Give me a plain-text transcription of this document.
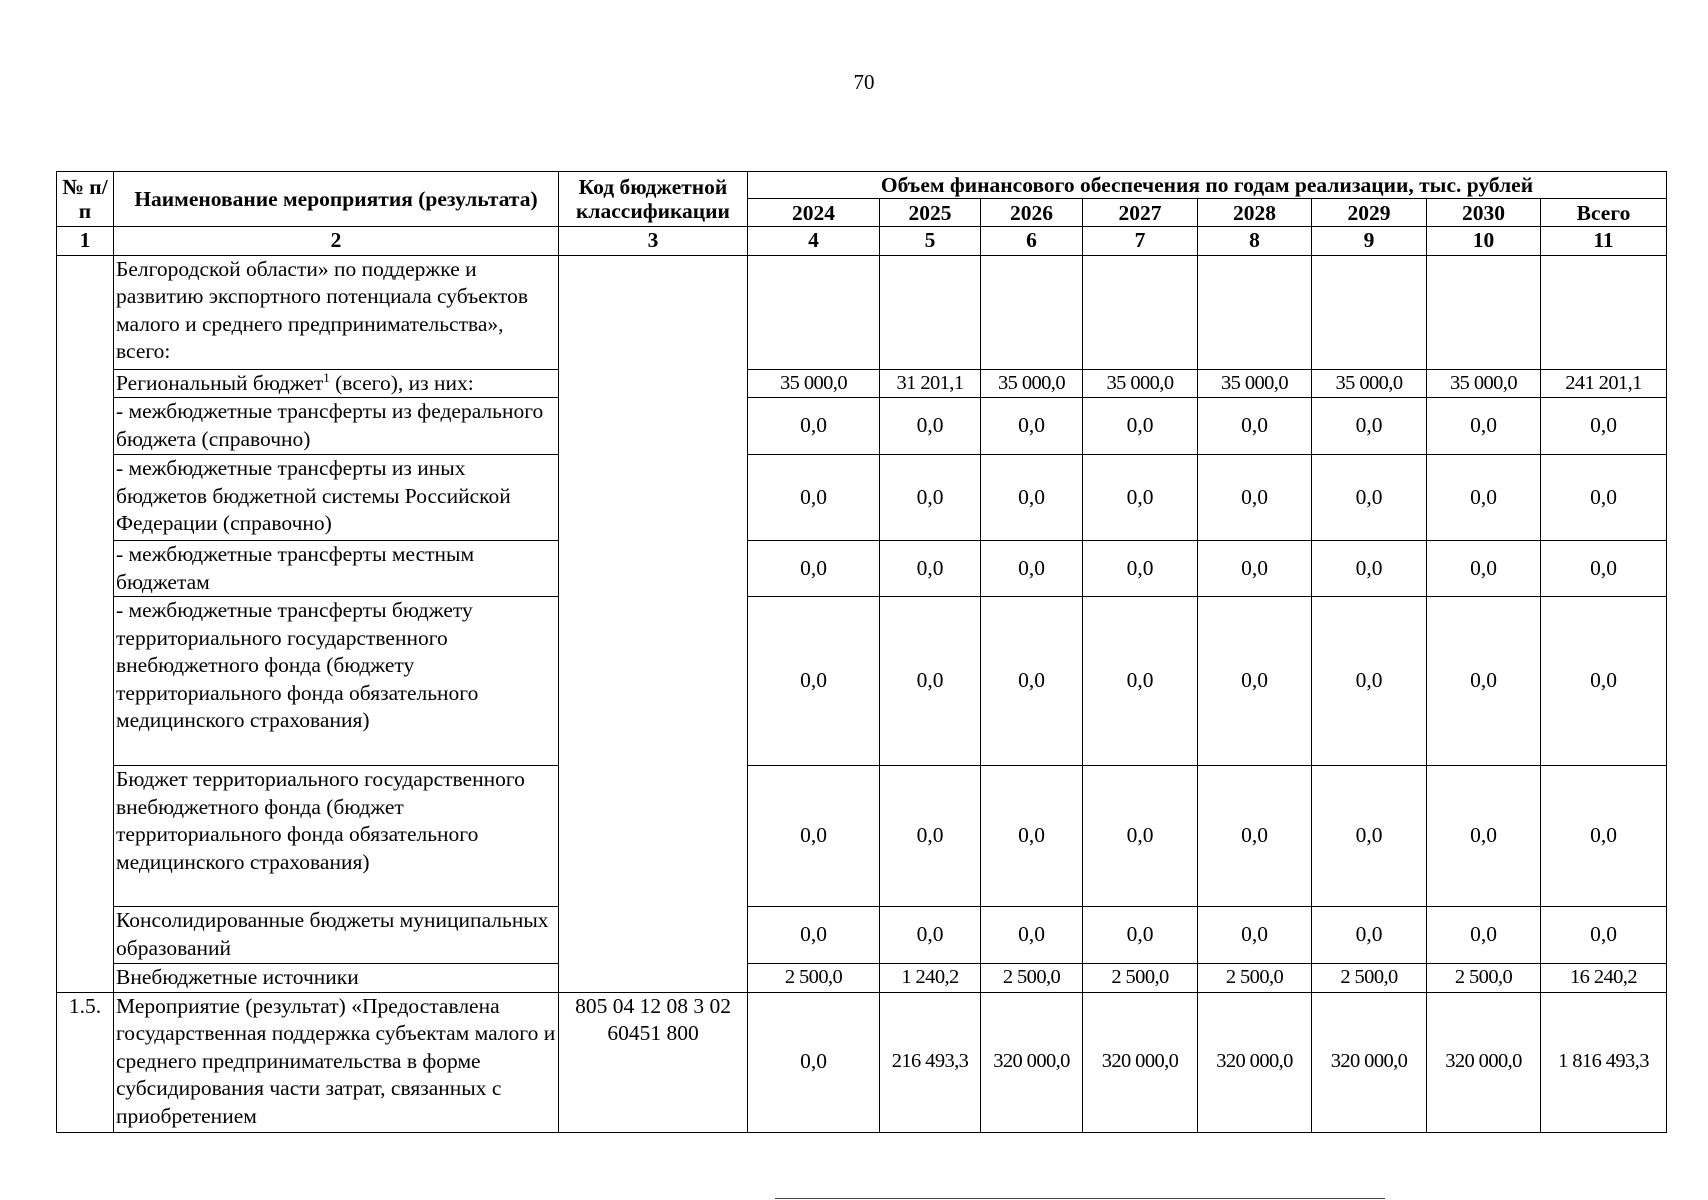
70
№ п/п	Наименование мероприятия (результата)	Код бюджетной классификации	Объем финансового обеспечения по годам реализации, тыс. рублей							
			2024	2025	2026	2027	2028	2029	2030	Всего
1	2	3	4	5	6	7	8	9	10	11
	Белгородской области» по поддержке и развитию экспортного потенциала субъектов малого и среднего предпринимательства», всего:									
	Региональный бюджет$^1$ (всего), из них:		35 000,0	31 201,1	35 000,0	35 000,0	35 000,0	35 000,0	35 000,0	241 201,1
	- межбюджетные трансферты из федерального бюджета (справочно)		0,0	0,0	0,0	0,0	0,0	0,0	0,0	0,0
	- межбюджетные трансферты из иных бюджетов бюджетной системы Российской Федерации (справочно)		0,0	0,0	0,0	0,0	0,0	0,0	0,0	0,0
	- межбюджетные трансферты местным бюджетам		0,0	0,0	0,0	0,0	0,0	0,0	0,0	0,0
	- межбюджетные трансферты бюджету территориального государственного внебюджетного фонда (бюджету территориального фонда обязательного медицинского страхования)		0,0	0,0	0,0	0,0	0,0	0,0	0,0	0,0
	Бюджет территориального государственного внебюджетного фонда (бюджет территориального фонда обязательного медицинского страхования)		0,0	0,0	0,0	0,0	0,0	0,0	0,0	0,0
	Консолидированные бюджеты муниципальных образований		0,0	0,0	0,0	0,0	0,0	0,0	0,0	0,0
	Внебюджетные источники		2 500,0	1 240,2	2 500,0	2 500,0	2 500,0	2 500,0	2 500,0	16 240,2
1.5.	Мероприятие (результат) «Предоставлена государственная поддержка субъектам малого и среднего предпринимательства в форме субсидирования части затрат, связанных с приобретением	805 04 12 08 3 02 60451 800	0,0	216 493,3	320 000,0	320 000,0	320 000,0	320 000,0	320 000,0	1 816 493,3
